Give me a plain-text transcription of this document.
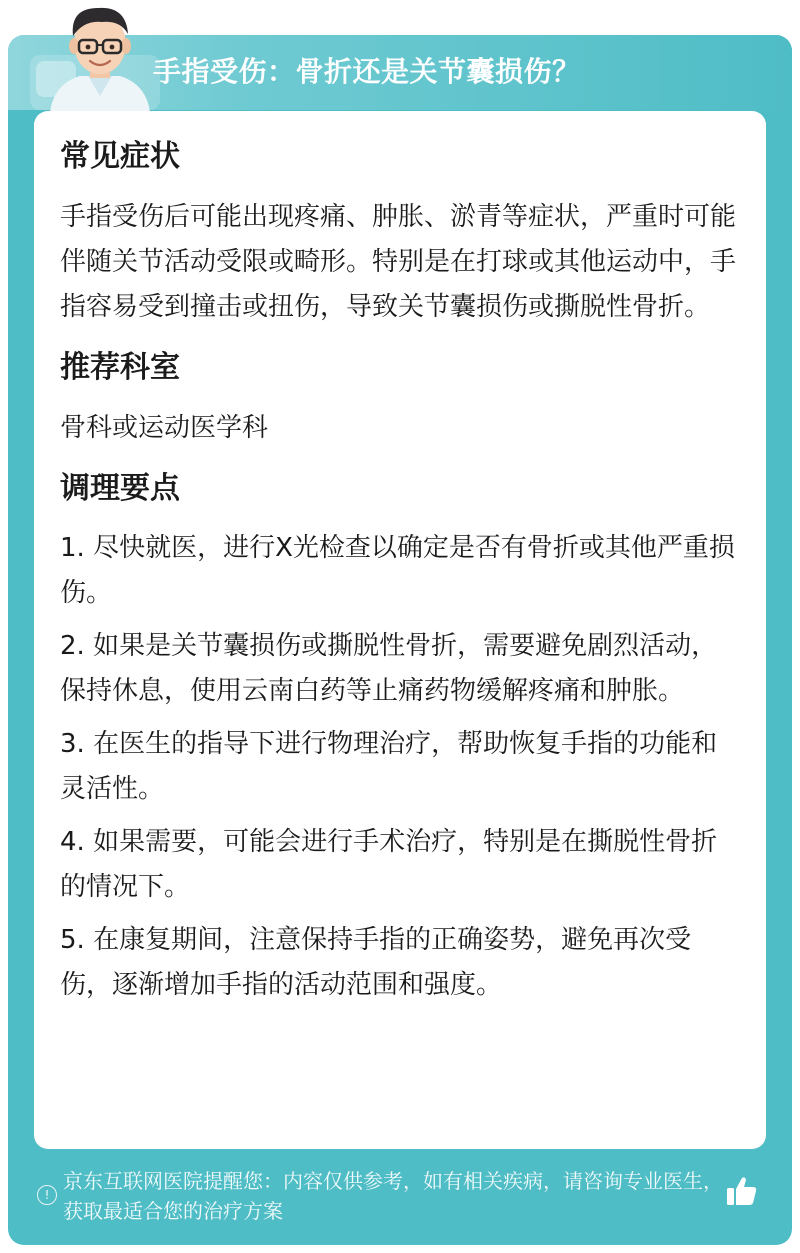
手指受伤：骨折还是关节囊损伤？
常见症状

手指受伤后可能出现疼痛、肿胀、淤青等症状，严重时可能伴随关节活动受限或畸形。特别是在打球或其他运动中，手指容易受到撞击或扭伤，导致关节囊损伤或撕脱性骨折。

推荐科室

骨科或运动医学科

调理要点

1. 尽快就医，进行X光检查以确定是否有骨折或其他严重损伤。

2. 如果是关节囊损伤或撕脱性骨折，需要避免剧烈活动，保持休息，使用云南白药等止痛药物缓解疼痛和肿胀。

3. 在医生的指导下进行物理治疗，帮助恢复手指的功能和灵活性。

4. 如果需要，可能会进行手术治疗，特别是在撕脱性骨折的情况下。

5. 在康复期间，注意保持手指的正确姿势，避免再次受伤，逐渐增加手指的活动范围和强度。

!
京东互联网医院提醒您：内容仅供参考，如有相关疾病，请咨询专业医生，获取最适合您的治疗方案
